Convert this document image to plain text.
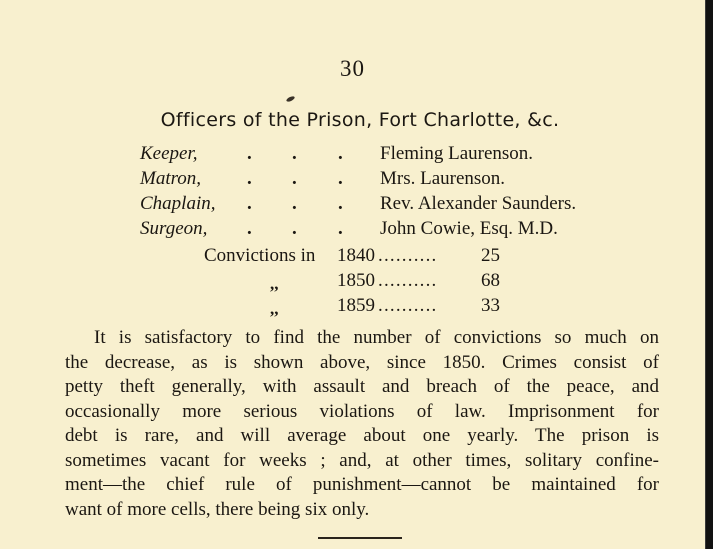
30
Officers of the Prison, Fort Charlotte, &c.
Keeper,	. . . Fleming Laurenson.
Matron, . . . Mrs. Laurenson.
Chaplain, . . . Rev. Alexander Saunders.
Surgeon, . . . John Cowie, Esq. M.D.
Convictions in 1840 .......... 25
,,	1850 .......... 68
,,	1859 .......... 33
It is satisfactory to find the number of convictions so much on
the decrease, as is shown above, since 1850. Crimes consist of
petty theft generally, with assault and breach of the peace, and
occasionally more serious violations of law. Imprisonment for
debt is rare, and will average about one yearly. The prison is
sometimes vacant for weeks ; and, at other times, solitary confine-
ment—the chief rule of punishment—cannot be maintained for
want of more cells, there being six only.
